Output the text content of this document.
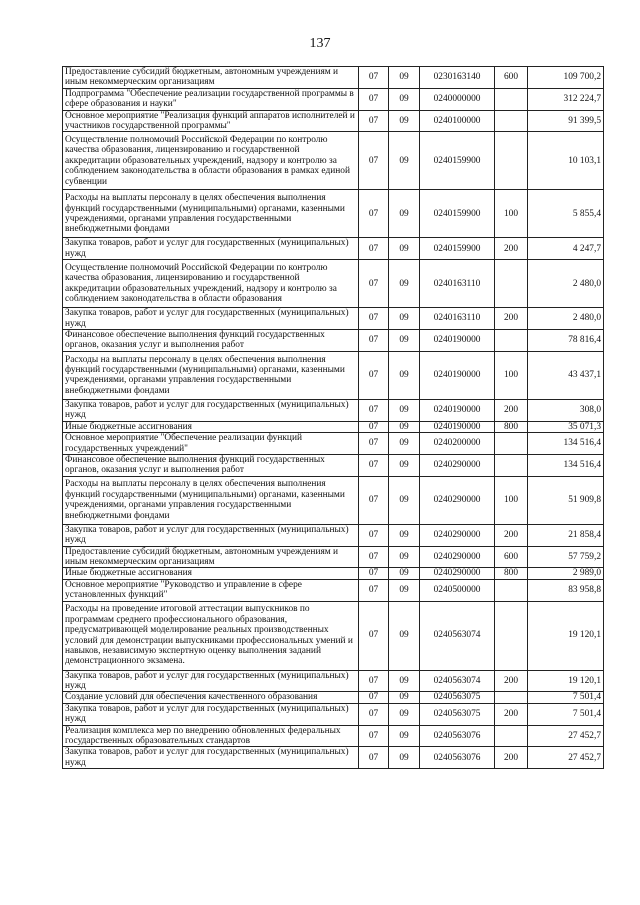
137
Предоставление субсидий бюджетным, автономным учреждениям и иным некоммерческим организациям	07	09	0230163140	600	109 700,2
Подпрограмма "Обеспечение реализации государственной программы в сфере образования и науки"	07	09	0240000000		312 224,7
Основное мероприятие "Реализация функций аппаратов исполнителей и участников государственной программы"	07	09	0240100000		91 399,5
Осуществление полномочий Российской Федерации по контролю качества образования, лицензированию и государственной аккредитации образовательных учреждений, надзору и контролю за соблюдением законодательства в области образования в рамках единой субвенции	07	09	0240159900		10 103,1
Расходы на выплаты персоналу в целях обеспечения выполнения функций государственными (муниципальными) органами, казенными учреждениями, органами управления государственными внебюджетными фондами	07	09	0240159900	100	5 855,4
Закупка товаров, работ и услуг для государственных (муниципальных) нужд	07	09	0240159900	200	4 247,7
Осуществление полномочий Российской Федерации по контролю качества образования, лицензированию и государственной аккредитации образовательных учреждений, надзору и контролю за соблюдением законодательства в области образования	07	09	0240163110		2 480,0
Закупка товаров, работ и услуг для государственных (муниципальных) нужд	07	09	0240163110	200	2 480,0
Финансовое обеспечение выполнения функций государственных органов, оказания услуг и выполнения работ	07	09	0240190000		78 816,4
Расходы на выплаты персоналу в целях обеспечения выполнения функций государственными (муниципальными) органами, казенными учреждениями, органами управления государственными внебюджетными фондами	07	09	0240190000	100	43 437,1
Закупка товаров, работ и услуг для государственных (муниципальных) нужд	07	09	0240190000	200	308,0
Иные бюджетные ассигнования	07	09	0240190000	800	35 071,3
Основное мероприятие "Обеспечение реализации функций государственных учреждений"	07	09	0240200000		134 516,4
Финансовое обеспечение выполнения функций государственных органов, оказания услуг и выполнения работ	07	09	0240290000		134 516,4
Расходы на выплаты персоналу в целях обеспечения выполнения функций государственными (муниципальными) органами, казенными учреждениями, органами управления государственными внебюджетными фондами	07	09	0240290000	100	51 909,8
Закупка товаров, работ и услуг для государственных (муниципальных) нужд	07	09	0240290000	200	21 858,4
Предоставление субсидий бюджетным, автономным учреждениям и иным некоммерческим организациям	07	09	0240290000	600	57 759,2
Иные бюджетные ассигнования	07	09	0240290000	800	2 989,0
Основное мероприятие "Руководство и управление в сфере установленных функций"	07	09	0240500000		83 958,8
Расходы на проведение итоговой аттестации выпускников по программам среднего профессионального образования, предусматривающей моделирование реальных производственных условий для демонстрации выпускниками профессиональных умений и навыков, независимую экспертную оценку выполнения заданий демонстрационного экзамена.	07	09	0240563074		19 120,1
Закупка товаров, работ и услуг для государственных (муниципальных) нужд	07	09	0240563074	200	19 120,1
Создание условий для обеспечения качественного образования	07	09	0240563075		7 501,4
Закупка товаров, работ и услуг для государственных (муниципальных) нужд	07	09	0240563075	200	7 501,4
Реализация комплекса мер по внедрению обновленных федеральных государственных образовательных стандартов	07	09	0240563076		27 452,7
Закупка товаров, работ и услуг для государственных (муниципальных) нужд	07	09	0240563076	200	27 452,7
